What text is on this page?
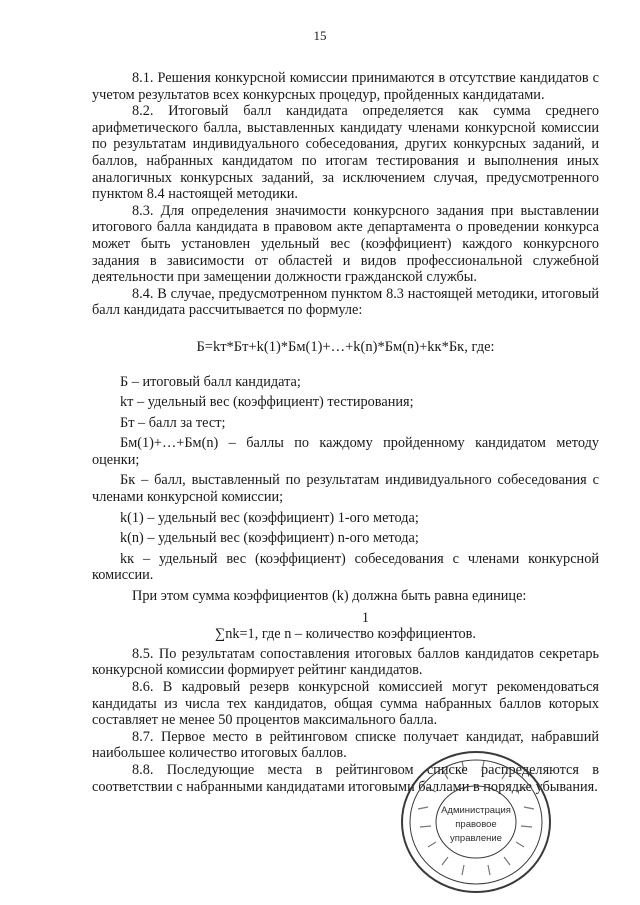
15

8.1. Решения конкурсной комиссии принимаются в отсутствие кандидатов с учетом результатов всех конкурсных процедур, пройденных кандидатами.

8.2. Итоговый балл кандидата определяется как сумма среднего арифметического балла, выставленных кандидату членами конкурсной комиссии по результатам индивидуального собеседования, других конкурсных заданий, и баллов, набранных кандидатом по итогам тестирования и выполнения иных аналогичных конкурсных заданий, за исключением случая, предусмотренного пунктом 8.4 настоящей методики.

8.3. Для определения значимости конкурсного задания при выставлении итогового балла кандидата в правовом акте департамента о проведении конкурса может быть установлен удельный вес (коэффициент) каждого конкурсного задания в зависимости от областей и видов профессиональной служебной деятельности при замещении должности гражданской службы.

8.4. В случае, предусмотренном пунктом 8.3 настоящей методики, итоговый балл кандидата рассчитывается по формуле:

Б=kт*Бт+k(1)*Бм(1)+…+k(n)*Бм(n)+kк*Бк, где:

Б – итоговый балл кандидата;

kт – удельный вес (коэффициент) тестирования;

Бт – балл за тест;

Бм(1)+…+Бм(n) – баллы по каждому пройденному кандидатом методу оценки;

Бк – балл, выставленный по результатам индивидуального собеседования с членами конкурсной комиссии;

k(1) – удельный вес (коэффициент) 1-ого метода;

k(n) – удельный вес (коэффициент) n-ого метода;

kк – удельный вес (коэффициент) собеседования с членами конкурсной комиссии.

При этом сумма коэффициентов (k) должна быть равна единице:

1

∑nk=1, где n – количество коэффициентов.

8.5. По результатам сопоставления итоговых баллов кандидатов секретарь конкурсной комиссии формирует рейтинг кандидатов.

8.6. В кадровый резерв конкурсной комиссией могут рекомендоваться кандидаты из числа тех кандидатов, общая сумма набранных баллов которых составляет не менее 50 процентов максимального балла.

8.7. Первое место в рейтинговом списке получает кандидат, набравший наибольшее количество итоговых баллов.

8.8. Последующие места в рейтинговом списке распределяются в соответствии с набранными кандидатами итоговыми баллами в порядке убывания.

Администрация
правовое
управление
